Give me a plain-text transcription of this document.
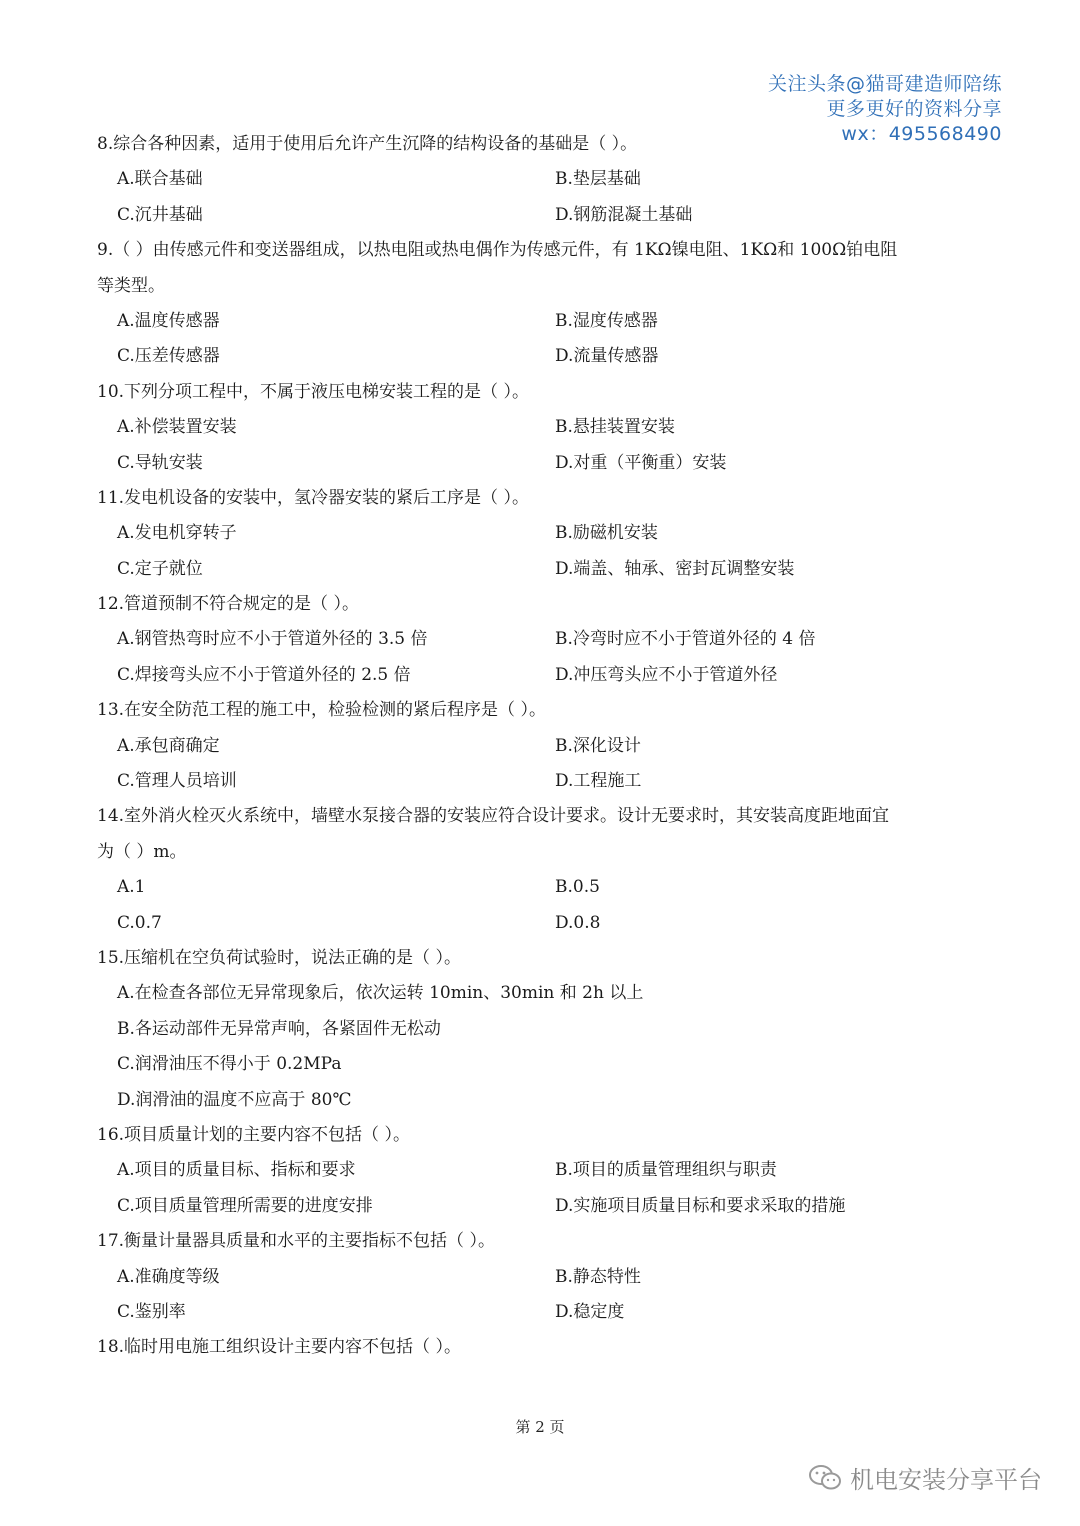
关注头条@猫哥建造师陪练
更多更好的资料分享
wx：495568490
8.综合各种因素，适用于使用后允许产生沉降的结构设备的基础是（ ）。
A.联合基础	B.垫层基础
C.沉井基础	D.钢筋混凝土基础
9.（ ）由传感元件和变送器组成，以热电阻或热电偶作为传感元件，有 1KΩ镍电阻、1KΩ和 100Ω铂电阻
等类型。
A.温度传感器	B.湿度传感器
C.压差传感器	D.流量传感器
10.下列分项工程中，不属于液压电梯安装工程的是（ ）。
A.补偿装置安装	B.悬挂装置安装
C.导轨安装	D.对重（平衡重）安装
11.发电机设备的安装中，氢冷器安装的紧后工序是（ ）。
A.发电机穿转子	B.励磁机安装
C.定子就位	D.端盖、轴承、密封瓦调整安装
12.管道预制不符合规定的是（ ）。
A.钢管热弯时应不小于管道外径的 3.5 倍	B.冷弯时应不小于管道外径的 4 倍
C.焊接弯头应不小于管道外径的 2.5 倍	D.冲压弯头应不小于管道外径
13.在安全防范工程的施工中，检验检测的紧后程序是（ ）。
A.承包商确定	B.深化设计
C.管理人员培训	D.工程施工
14.室外消火栓灭火系统中，墙壁水泵接合器的安装应符合设计要求。设计无要求时，其安装高度距地面宜
为（ ）m。
A.1	B.0.5
C.0.7	D.0.8
15.压缩机在空负荷试验时，说法正确的是（ ）。
A.在检查各部位无异常现象后，依次运转 10min、30min 和 2h 以上
B.各运动部件无异常声响，各紧固件无松动
C.润滑油压不得小于 0.2MPa
D.润滑油的温度不应高于 80℃
16.项目质量计划的主要内容不包括（ ）。
A.项目的质量目标、指标和要求	B.项目的质量管理组织与职责
C.项目质量管理所需要的进度安排	D.实施项目质量目标和要求采取的措施
17.衡量计量器具质量和水平的主要指标不包括（ ）。
A.准确度等级	B.静态特性
C.鉴别率	D.稳定度
18.临时用电施工组织设计主要内容不包括（ ）。
第 2 页
机电安装分享平台
